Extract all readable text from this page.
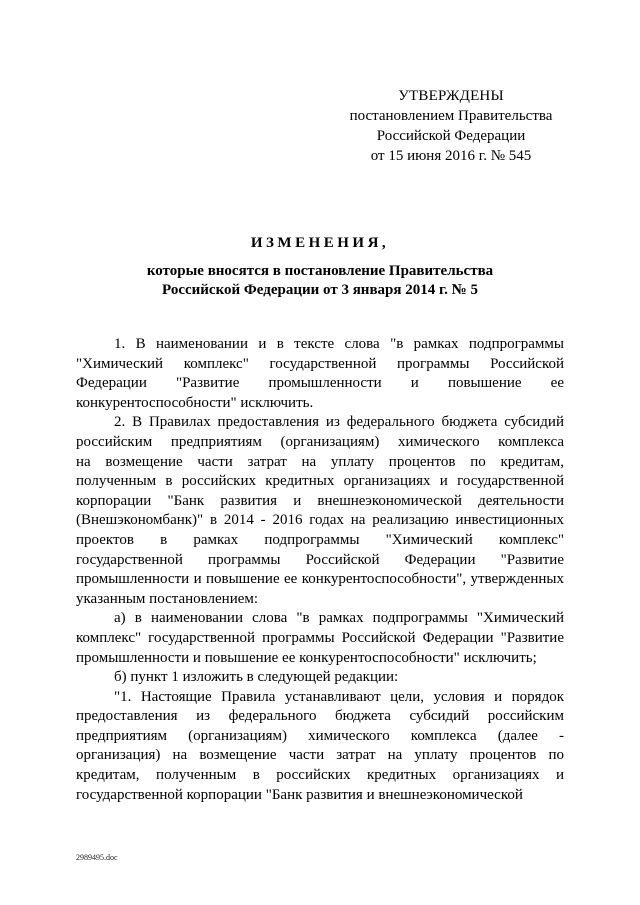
УТВЕРЖДЕНЫ
постановлением Правительства
Российской Федерации
от 15 июня 2016 г. № 545
ИЗМЕНЕНИЯ,
которые вносятся в постановление Правительства
Российской Федерации от 3 января 2014 г. № 5
1. В наименовании и в тексте слова "в рамках подпрограммы
"Химический комплекс" государственной программы Российской
Федерации "Развитие промышленности и повышение ее
конкурентоспособности" исключить.
2. В Правилах предоставления из федерального бюджета субсидий
российским предприятиям (организациям) химического комплекса
на возмещение части затрат на уплату процентов по кредитам,
полученным в российских кредитных организациях и государственной
корпорации "Банк развития и внешнеэкономической деятельности
(Внешэкономбанк)" в 2014 - 2016 годах на реализацию инвестиционных
проектов в рамках подпрограммы "Химический комплекс"
государственной программы Российской Федерации "Развитие
промышленности и повышение ее конкурентоспособности", утвержденных
указанным постановлением:
а) в наименовании слова "в рамках подпрограммы "Химический
комплекс" государственной программы Российской Федерации "Развитие
промышленности и повышение ее конкурентоспособности" исключить;
б) пункт 1 изложить в следующей редакции:
"1. Настоящие Правила устанавливают цели, условия и порядок
предоставления из федерального бюджета субсидий российским
предприятиям (организациям) химического комплекса (далее -
организация) на возмещение части затрат на уплату процентов по
кредитам, полученным в российских кредитных организациях и
государственной корпорации "Банк развития и внешнеэкономической
2989495.doc
